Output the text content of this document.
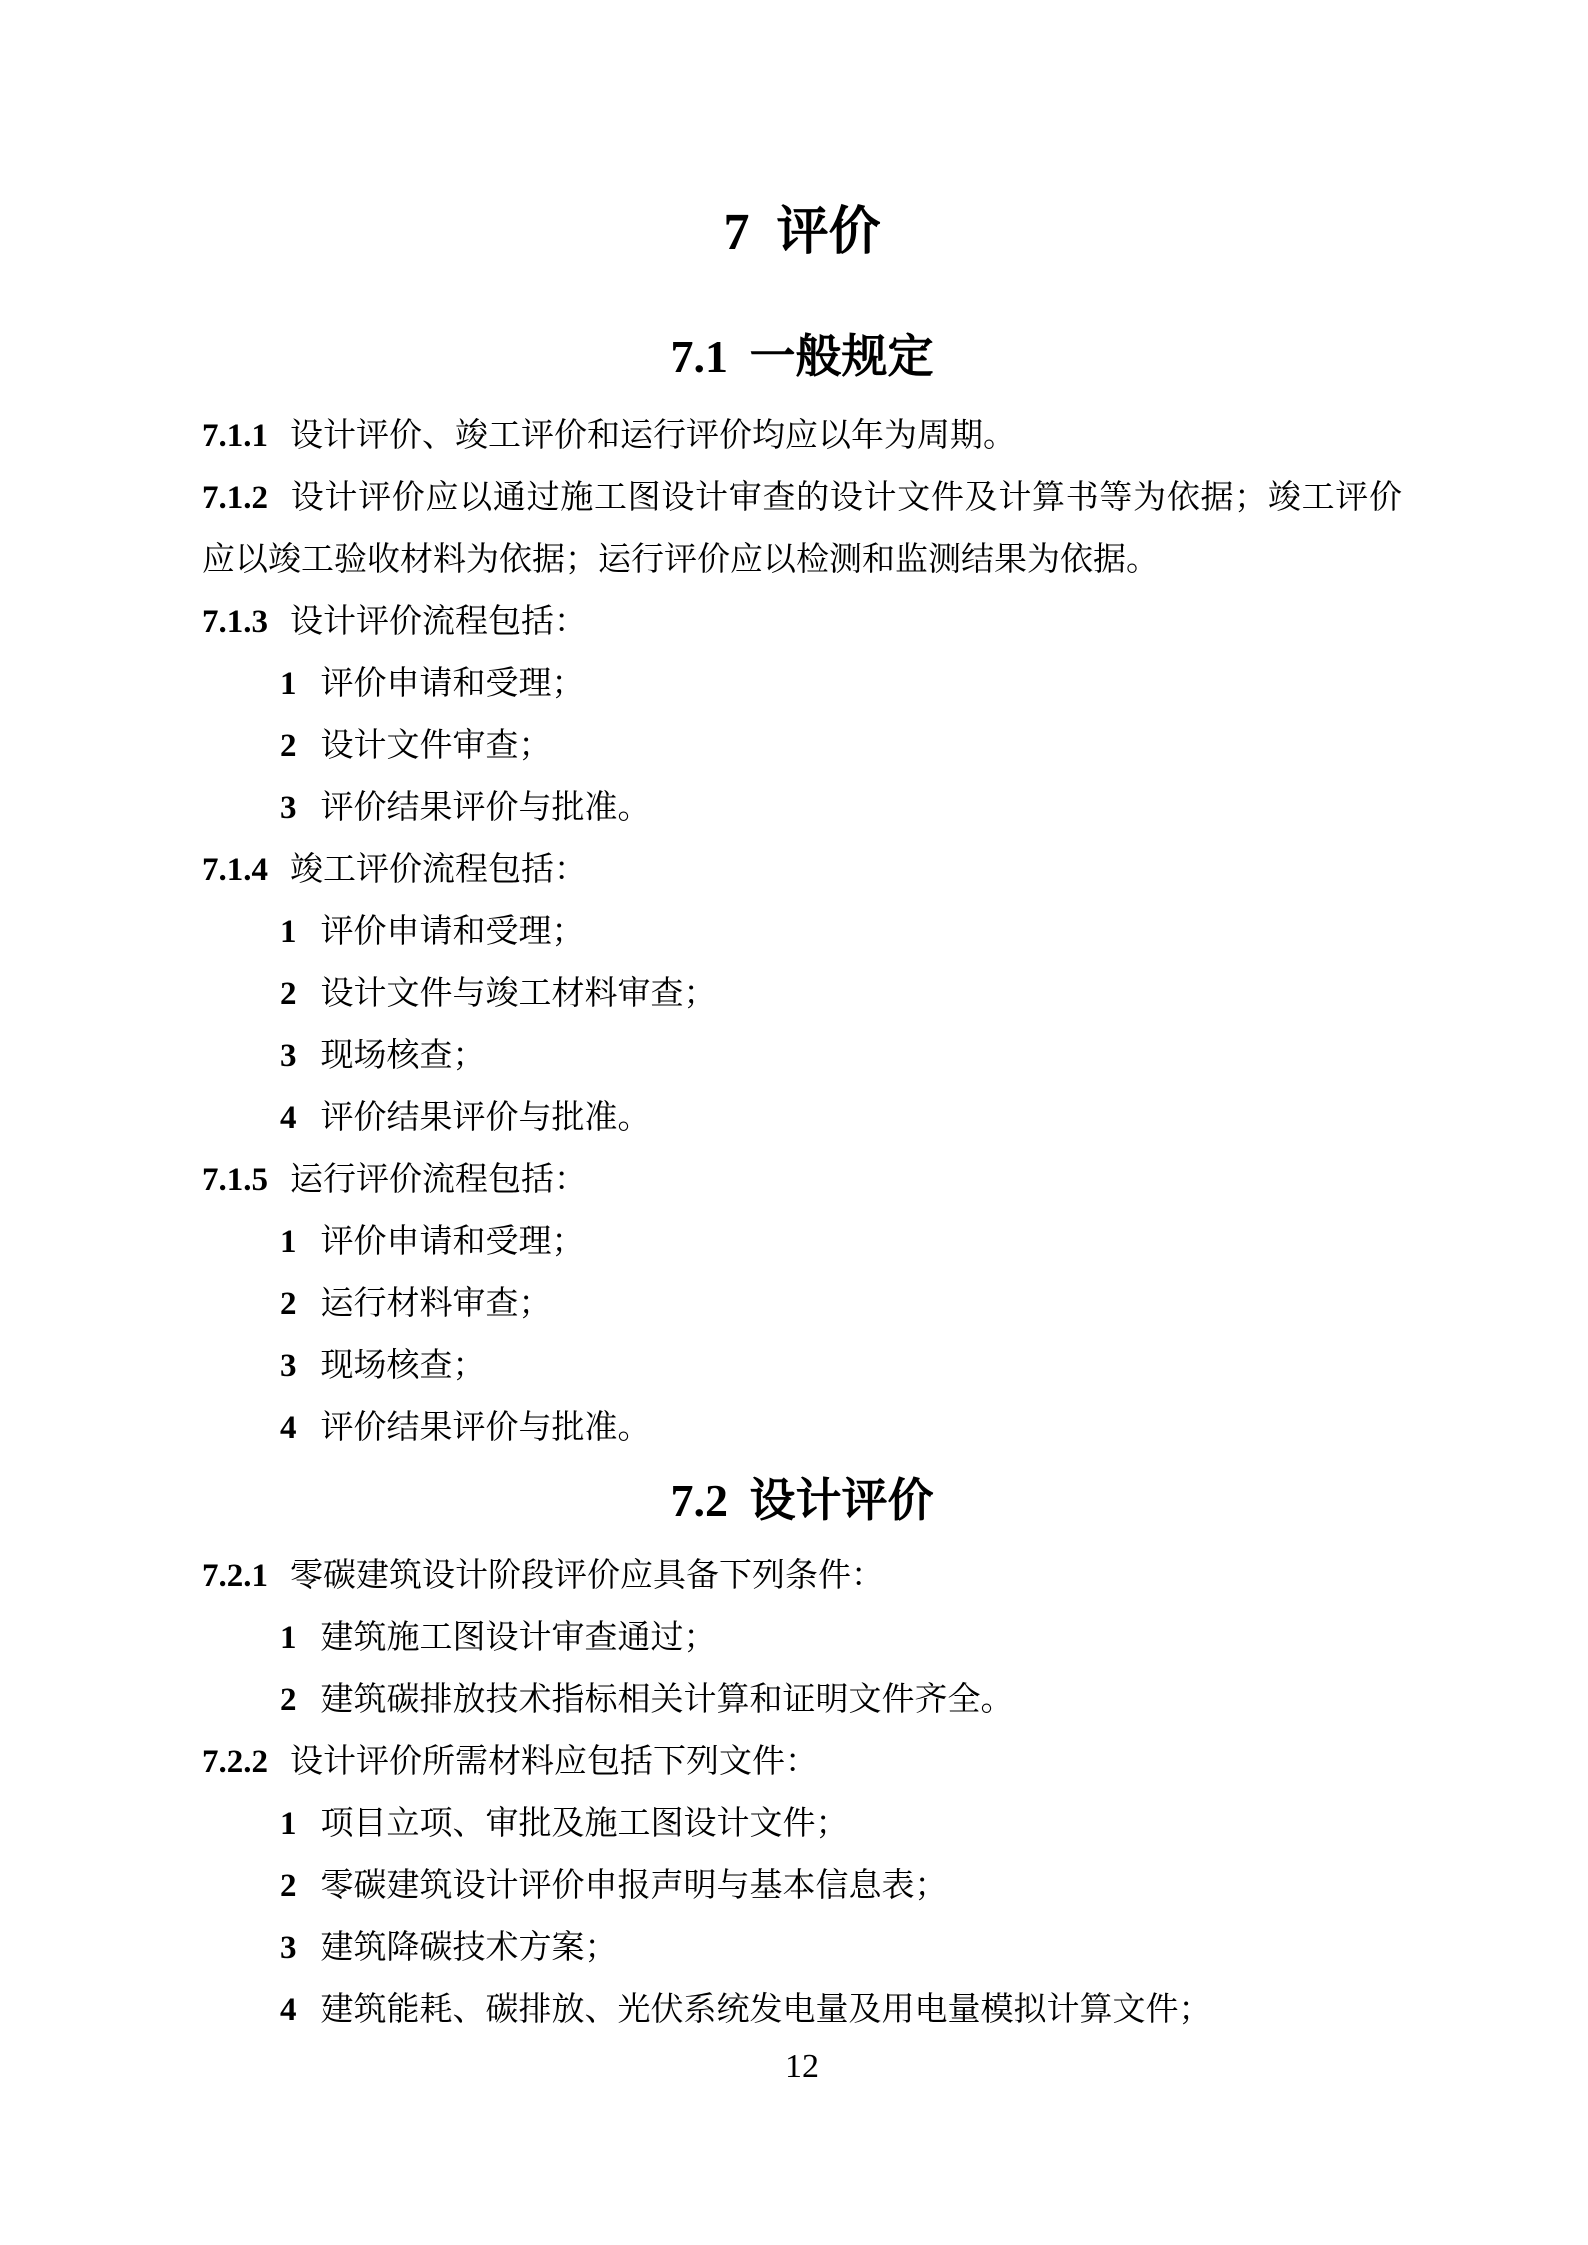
7 评价
7.1 一般规定

7.1.1 设计评价、竣工评价和运行评价均应以年为周期。

7.1.2 设计评价应以通过施工图设计审查的设计文件及计算书等为依据；竣工评价应以竣工验收材料为依据；运行评价应以检测和监测结果为依据。

7.1.3 设计评价流程包括：

1 评价申请和受理；

2 设计文件审查；

3 评价结果评价与批准。

7.1.4 竣工评价流程包括：

1 评价申请和受理；

2 设计文件与竣工材料审查；

3 现场核查；

4 评价结果评价与批准。

7.1.5 运行评价流程包括：

1 评价申请和受理；

2 运行材料审查；

3 现场核查；

4 评价结果评价与批准。

7.2 设计评价

7.2.1 零碳建筑设计阶段评价应具备下列条件：

1 建筑施工图设计审查通过；

2 建筑碳排放技术指标相关计算和证明文件齐全。

7.2.2 设计评价所需材料应包括下列文件：

1 项目立项、审批及施工图设计文件；

2 零碳建筑设计评价申报声明与基本信息表；

3 建筑降碳技术方案；

4 建筑能耗、碳排放、光伏系统发电量及用电量模拟计算文件；

12
